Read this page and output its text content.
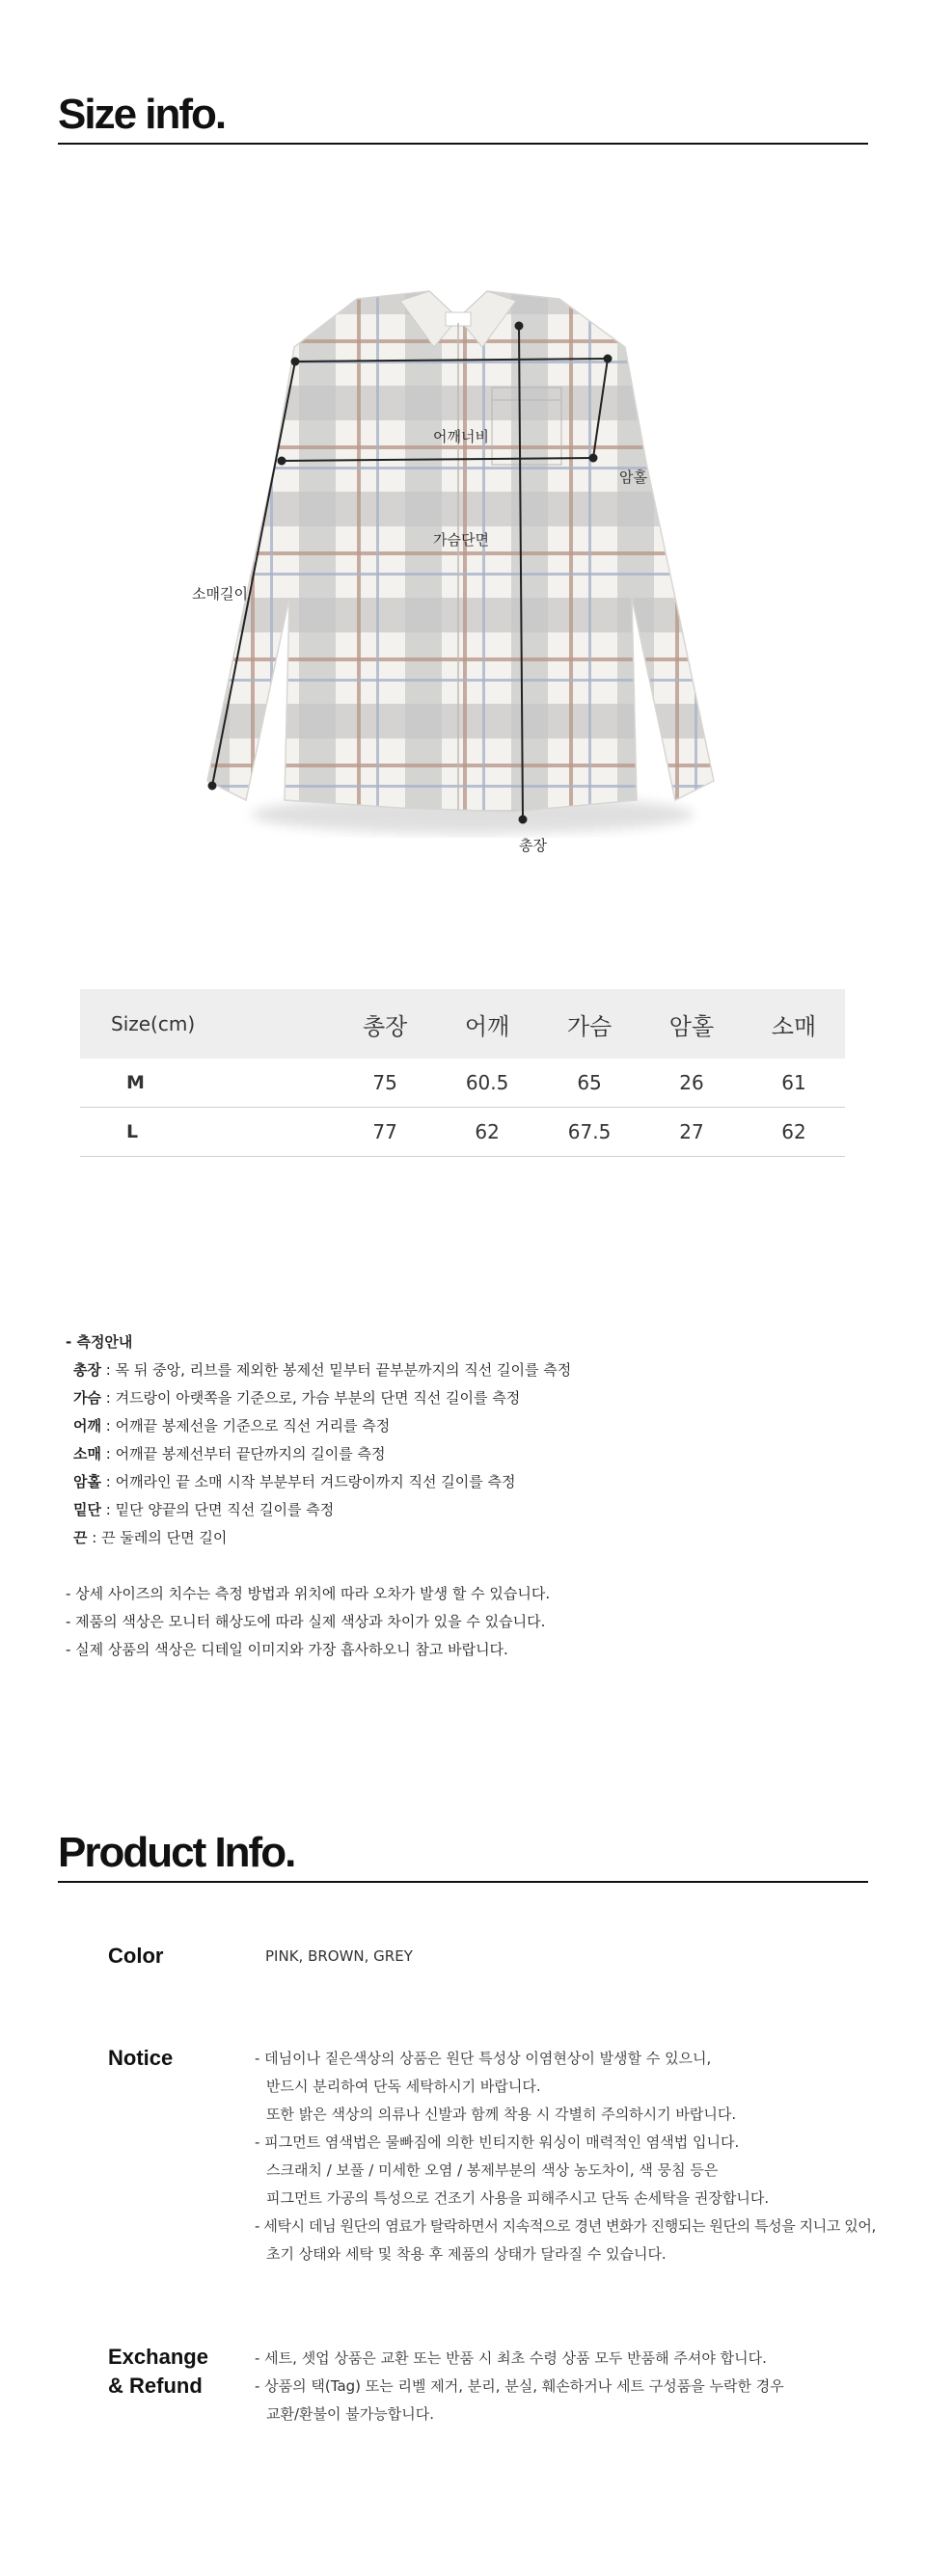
Size info.
어깨너비
암홀
가슴단면
소매길이
총장
Size(cm)	총장	어깨	가슴	암홀	소매
M	75	60.5	65	26	61
L	77	62	67.5	27	62
- 측정안내
총장 : 목 뒤 중앙, 리브를 제외한 봉제선 밑부터 끝부분까지의 직선 길이를 측정
가슴 : 겨드랑이 아랫쪽을 기준으로, 가슴 부분의 단면 직선 길이를 측정
어깨 : 어깨끝 봉제선을 기준으로 직선 거리를 측정
소매 : 어깨끝 봉제선부터 끝단까지의 길이를 측정
암홀 : 어깨라인 끝 소매 시작 부분부터 겨드랑이까지 직선 길이를 측정
밑단 : 밑단 양끝의 단면 직선 길이를 측정
끈 : 끈 둘레의 단면 길이
- 상세 사이즈의 치수는 측정 방법과 위치에 따라 오차가 발생 할 수 있습니다.
- 제품의 색상은 모니터 해상도에 따라 실제 색상과 차이가 있을 수 있습니다.
- 실제 상품의 색상은 디테일 이미지와 가장 흡사하오니 참고 바랍니다.
Product Info.
Color	PINK, BROWN, GREY
Notice	- 데님이나 짙은색상의 상품은 원단 특성상 이염현상이 발생할 수 있으니,
반드시 분리하여 단독 세탁하시기 바랍니다.
또한 밝은 색상의 의류나 신발과 함께 착용 시 각별히 주의하시기 바랍니다.
- 피그먼트 염색법은 물빠짐에 의한 빈티지한 워싱이 매력적인 염색법 입니다.
스크래치 / 보풀 / 미세한 오염 / 봉제부분의 색상 농도차이, 색 뭉침 등은
피그먼트 가공의 특성으로 건조기 사용을 피해주시고 단독 손세탁을 권장합니다.
- 세탁시 데님 원단의 염료가 탈락하면서 지속적으로 경년 변화가 진행되는 원단의 특성을 지니고 있어,
초기 상태와 세탁 및 착용 후 제품의 상태가 달라질 수 있습니다.
Exchange
& Refund
- 세트, 셋업 상품은 교환 또는 반품 시 최초 수령 상품 모두 반품해 주셔야 합니다.
- 상품의 택(Tag) 또는 리벨 제거, 분리, 분실, 훼손하거나 세트 구성품을 누락한 경우
교환/환불이 불가능합니다.
